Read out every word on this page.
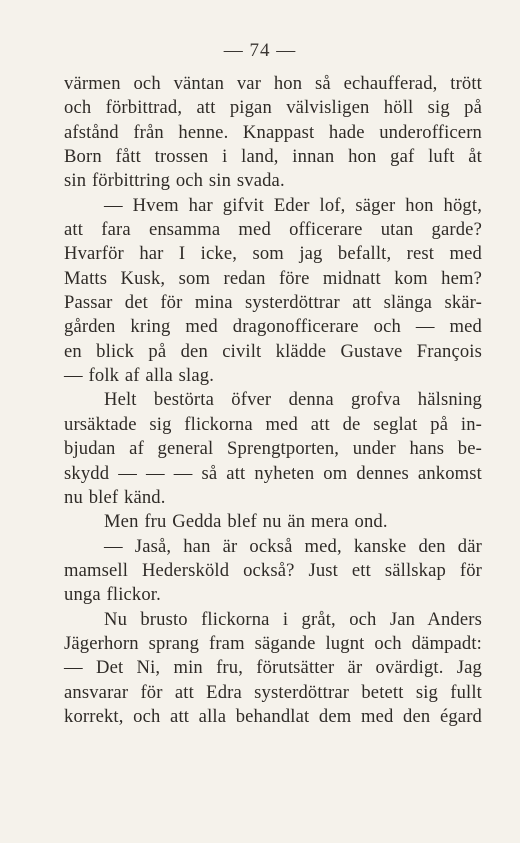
— 74 —
värmen och väntan var hon så echaufferad, trött
och förbittrad, att pigan välvisligen höll sig på
afstånd från henne. Knappast hade underofficern
Born fått trossen i land, innan hon gaf luft åt
sin förbittring och sin svada.
— Hvem har gifvit Eder lof, säger hon högt,
att fara ensamma med officerare utan garde?
Hvarför har I icke, som jag befallt, rest med
Matts Kusk, som redan före midnatt kom hem?
Passar det för mina systerdöttrar att slänga skär-
gården kring med dragonofficerare och — med
en blick på den civilt klädde Gustave François
— folk af alla slag.
Helt bestörta öfver denna grofva hälsning
ursäktade sig flickorna med att de seglat på in-
bjudan af general Sprengtporten, under hans be-
skydd — — — så att nyheten om dennes ankomst
nu blef känd.
Men fru Gedda blef nu än mera ond.
— Jaså, han är också med, kanske den där
mamsell Hedersköld också? Just ett sällskap för
unga flickor.
Nu brusto flickorna i gråt, och Jan Anders
Jägerhorn sprang fram sägande lugnt och dämpadt:
— Det Ni, min fru, förutsätter är ovärdigt. Jag
ansvarar för att Edra systerdöttrar betett sig fullt
korrekt, och att alla behandlat dem med den égard
